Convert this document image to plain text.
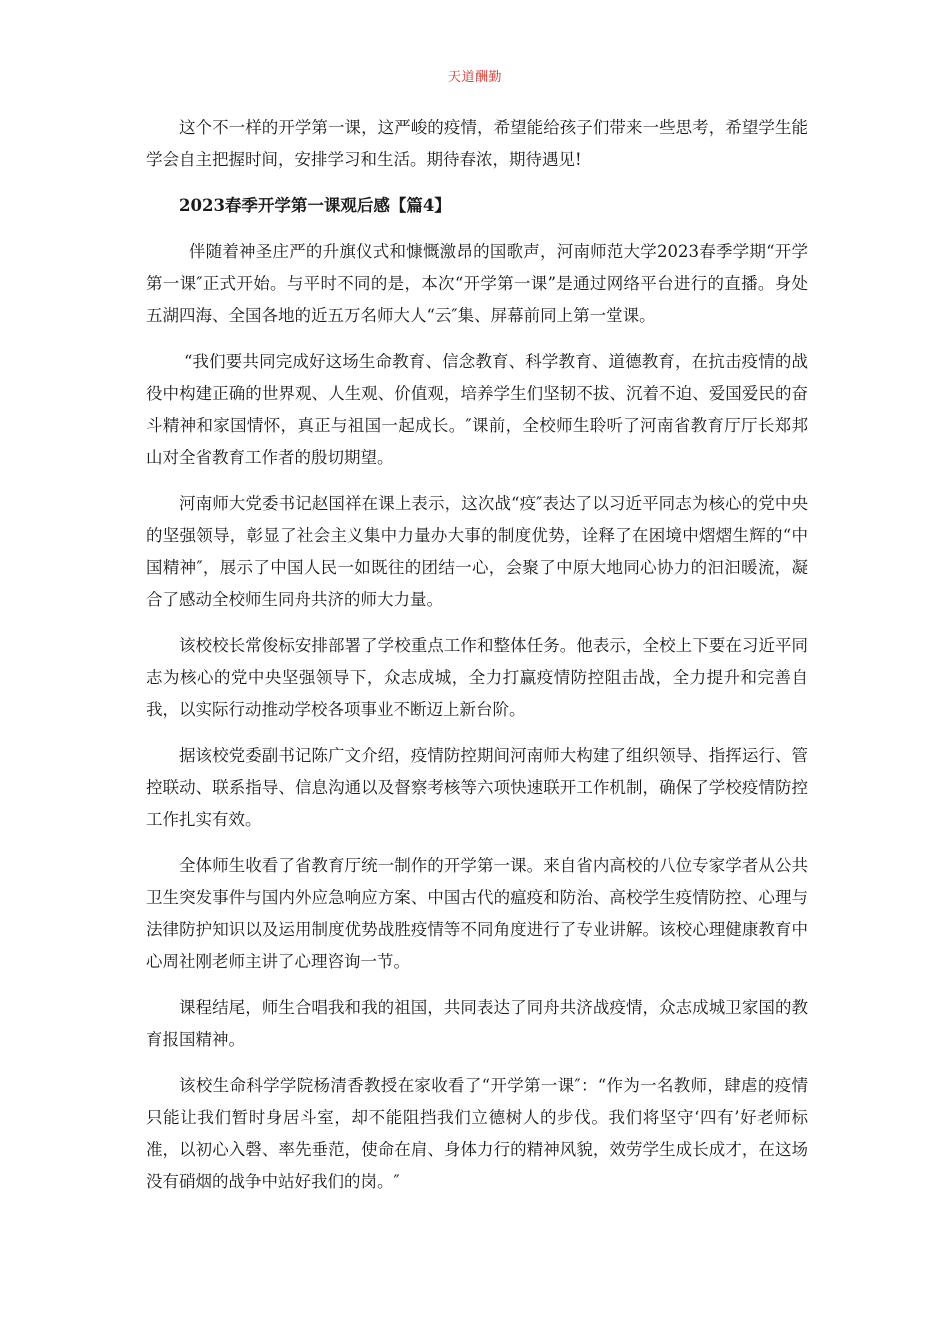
天道酬勤

这个不一样的开学第一课，这严峻的疫情，希望能给孩子们带来一些思考，希望学生能学会自主把握时间，安排学习和生活。期待春浓，期待遇见!

2023春季开学第一课观后感【篇4】

伴随着神圣庄严的升旗仪式和慷慨激昂的国歌声，河南师范大学2023春季学期“开学第一课″正式开始。与平时不同的是，本次“开学第一课”是通过网络平台进行的直播。身处五湖四海、全国各地的近五万名师大人“云″集、屏幕前同上第一堂课。

“我们要共同完成好这场生命教育、信念教育、科学教育、道德教育，在抗击疫情的战役中构建正确的世界观、人生观、价值观，培养学生们坚韧不拔、沉着不迫、爱国爱民的奋斗精神和家国情怀，真正与祖国一起成长。″课前，全校师生聆听了河南省教育厅厅长郑邦山对全省教育工作者的殷切期望。

河南师大党委书记赵国祥在课上表示，这次战“疫″表达了以习近平同志为核心的党中央的坚强领导，彰显了社会主义集中力量办大事的制度优势，诠释了在困境中熠熠生辉的“中国精神″，展示了中国人民一如既往的团结一心，会聚了中原大地同心协力的汩汩暖流，凝合了感动全校师生同舟共济的师大力量。

该校校长常俊标安排部署了学校重点工作和整体任务。他表示，全校上下要在习近平同志为核心的党中央坚强领导下，众志成城，全力打赢疫情防控阻击战，全力提升和完善自我，以实际行动推动学校各项事业不断迈上新台阶。

据该校党委副书记陈广文介绍，疫情防控期间河南师大构建了组织领导、指挥运行、管控联动、联系指导、信息沟通以及督察考核等六项快速联开工作机制，确保了学校疫情防控工作扎实有效。

全体师生收看了省教育厅统一制作的开学第一课。来自省内高校的八位专家学者从公共卫生突发事件与国内外应急响应方案、中国古代的瘟疫和防治、高校学生疫情防控、心理与法律防护知识以及运用制度优势战胜疫情等不同角度进行了专业讲解。该校心理健康教育中心周社刚老师主讲了心理咨询一节。

课程结尾，师生合唱我和我的祖国，共同表达了同舟共济战疫情，众志成城卫家国的教育报国精神。

该校生命科学学院杨清香教授在家收看了“开学第一课″：“作为一名教师，肆虐的疫情只能让我们暂时身居斗室，却不能阻挡我们立德树人的步伐。我们将坚守‘四有’好老师标准，以初心入磬、率先垂范，使命在肩、身体力行的精神风貌，效劳学生成长成才，在这场没有硝烟的战争中站好我们的岗。″
